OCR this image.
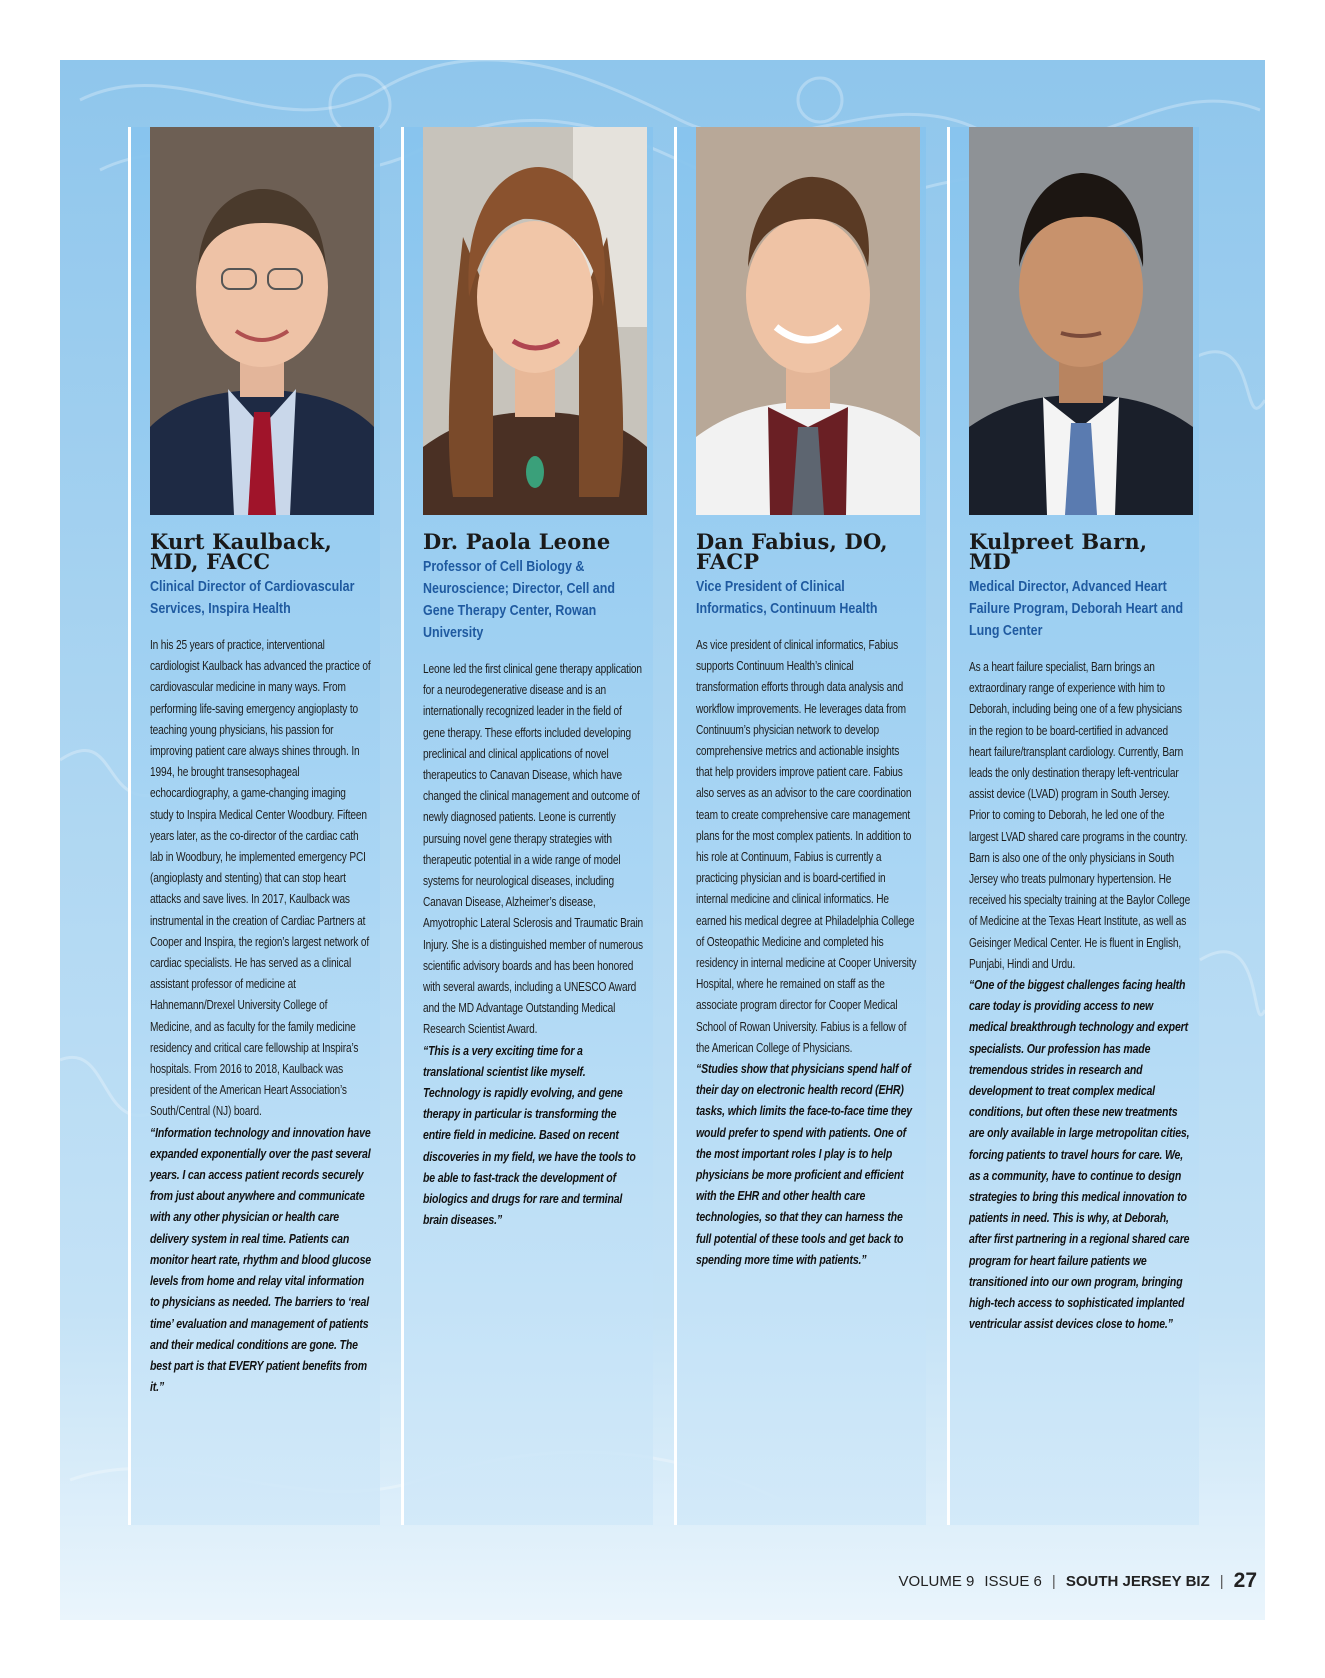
Kurt Kaulback, MD, FACC

Clinical Director of Cardiovascular Services, Inspira Health

In his 25 years of practice, interventional cardiologist Kaulback has advanced the practice of cardiovascular medicine in many ways. From performing life-saving emergency angioplasty to teaching young physicians, his passion for improving patient care always shines through. In 1994, he brought transesophageal echocardiography, a game-changing imaging study to Inspira Medical Center Woodbury. Fifteen years later, as the co-director of the cardiac cath lab in Woodbury, he implemented emergency PCI (angioplasty and stenting) that can stop heart attacks and save lives. In 2017, Kaulback was instrumental in the creation of Cardiac Partners at Cooper and Inspira, the region’s largest network of cardiac specialists. He has served as a clinical assistant professor of medicine at Hahnemann/Drexel University College of Medicine, and as faculty for the family medicine residency and critical care fellowship at Inspira’s hospitals. From 2016 to 2018, Kaulback was president of the American Heart Association’s South/Central (NJ) board.

“Information technology and innovation have expanded exponentially over the past several years. I can access patient records securely from just about anywhere and communicate with any other physician or health care delivery system in real time. Patients can monitor heart rate, rhythm and blood glucose levels from home and relay vital information to physicians as needed. The barriers to ‘real time’ evaluation and management of patients and their medical conditions are gone. The best part is that EVERY patient benefits from it.”

Dr. Paola Leone

Professor of Cell Biology & Neuroscience; Director, Cell and Gene Therapy Center, Rowan University

Leone led the first clinical gene therapy application for a neurodegenerative disease and is an internationally recognized leader in the field of gene therapy. These efforts included developing preclinical and clinical applications of novel therapeutics to Canavan Disease, which have changed the clinical management and outcome of newly diagnosed patients. Leone is currently pursuing novel gene therapy strategies with therapeutic potential in a wide range of model systems for neurological diseases, including Canavan Disease, Alzheimer’s disease, Amyotrophic Lateral Sclerosis and Traumatic Brain Injury. She is a distinguished member of numerous scientific advisory boards and has been honored with several awards, including a UNESCO Award and the MD Advantage Outstanding Medical Research Scientist Award.

“This is a very exciting time for a translational scientist like myself. Technology is rapidly evolving, and gene therapy in particular is transforming the entire field in medicine. Based on recent discoveries in my field, we have the tools to be able to fast-track the development of biologics and drugs for rare and terminal brain diseases.”

Dan Fabius, DO, FACP

Vice President of Clinical Informatics, Continuum Health

As vice president of clinical informatics, Fabius supports Continuum Health’s clinical transformation efforts through data analysis and workflow improvements. He leverages data from Continuum’s physician network to develop comprehensive metrics and actionable insights that help providers improve patient care. Fabius also serves as an advisor to the care coordination team to create comprehensive care management plans for the most complex patients. In addition to his role at Continuum, Fabius is currently a practicing physician and is board-certified in internal medicine and clinical informatics. He earned his medical degree at Philadelphia College of Osteopathic Medicine and completed his residency in internal medicine at Cooper University Hospital, where he remained on staff as the associate program director for Cooper Medical School of Rowan University. Fabius is a fellow of the American College of Physicians.

“Studies show that physicians spend half of their day on electronic health record (EHR) tasks, which limits the face-to-face time they would prefer to spend with patients. One of the most important roles I play is to help physicians be more proficient and efficient with the EHR and other health care technologies, so that they can harness the full potential of these tools and get back to spending more time with patients.”

Kulpreet Barn, MD

Medical Director, Advanced Heart Failure Program, Deborah Heart and Lung Center

As a heart failure specialist, Barn brings an extraordinary range of experience with him to Deborah, including being one of a few physicians in the region to be board-certified in advanced heart failure/transplant cardiology. Currently, Barn leads the only destination therapy left-ventricular assist device (LVAD) program in South Jersey. Prior to coming to Deborah, he led one of the largest LVAD shared care programs in the country. Barn is also one of the only physicians in South Jersey who treats pulmonary hypertension. He received his specialty training at the Baylor College of Medicine at the Texas Heart Institute, as well as Geisinger Medical Center. He is fluent in English, Punjabi, Hindi and Urdu.

“One of the biggest challenges facing health care today is providing access to new medical breakthrough technology and expert specialists. Our profession has made tremendous strides in research and development to treat complex medical conditions, but often these new treatments are only available in large metropolitan cities, forcing patients to travel hours for care. We, as a community, have to continue to design strategies to bring this medical innovation to patients in need. This is why, at Deborah, after first partnering in a regional shared care program for heart failure patients we transitioned into our own program, bringing high-tech access to sophisticated implanted ventricular assist devices close to home.”

VOLUME 9 ISSUE 6 | SOUTH JERSEY BIZ | 27
